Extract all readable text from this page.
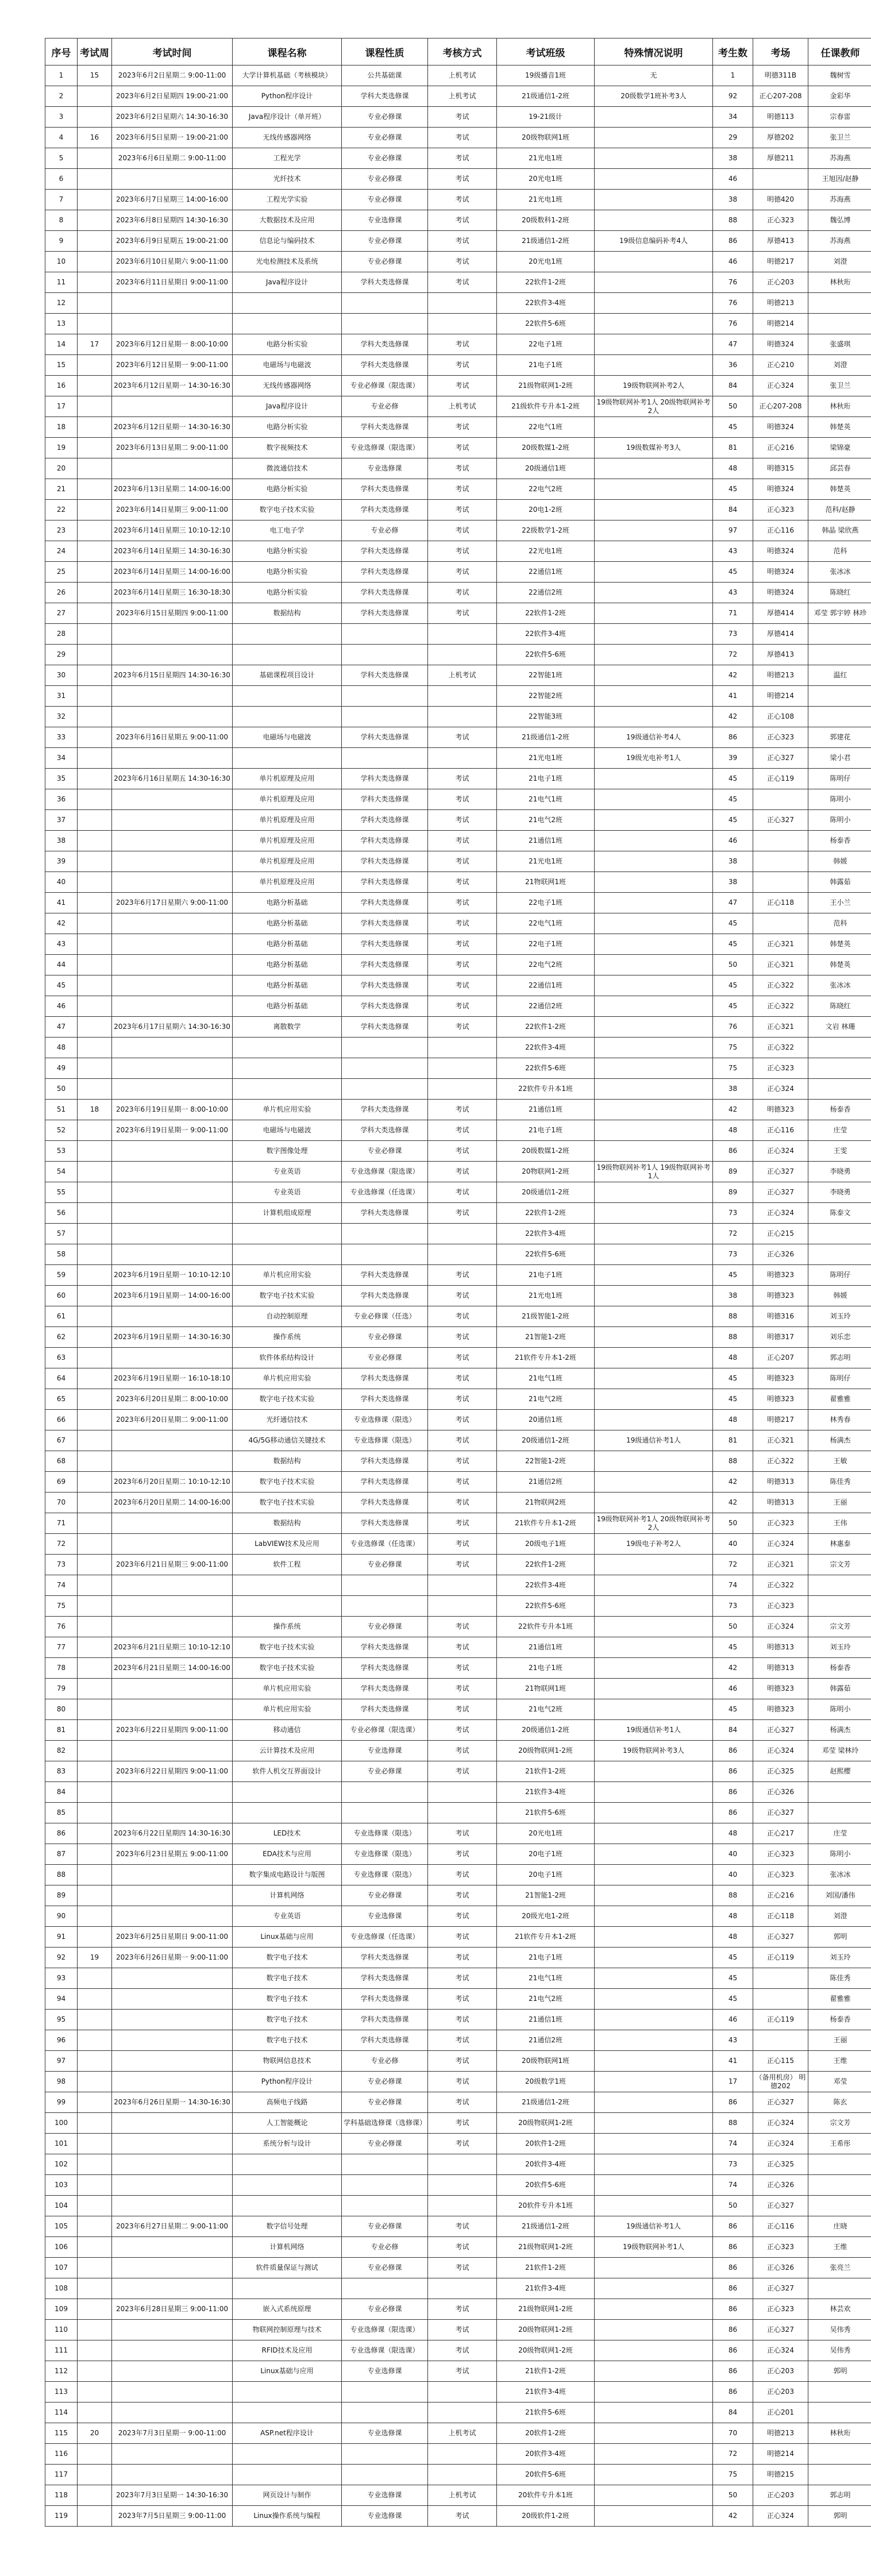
序号	考试周	考试时间	课程名称	课程性质	考核方式	考试班级	特殊情况说明	考生数	考场	任课教师
1	15	2023年6月2日星期二 9:00-11:00	大学计算机基础（考核模块）	公共基础课	上机考试	19级播音1班	无	1	明德311B	魏树雪
2		2023年6月2日星期四 19:00-21:00	Python程序设计	学科大类选修课	上机考试	21级通信1-2班	20级数学1班补考3人	92	正心207-208	金彩华
3		2023年6月2日星期六 14:30-16:30	Java程序设计（单开班）	专业必修课	考试	19-21级计		34	明德113	宗春雷
4	16	2023年6月5日星期一 19:00-21:00	无线传感器网络	专业必修课	考试	20级物联网1班		29	厚德202	张卫兰
5		2023年6月6日星期二 9:00-11:00	工程光学	专业必修课	考试	21光电1班		38	厚德211	苏海燕
6			光纤技术	专业必修课	考试	20光电1班		46		王旭因/赵静
7		2023年6月7日星期三 14:00-16:00	工程光学实验	专业必修课	考试	21光电1班		38	明德420	苏海燕
8		2023年6月8日星期四 14:30-16:30	大数据技术及应用	专业选修课	考试	20级数科1-2班		88	正心323	魏弘博
9		2023年6月9日星期五 19:00-21:00	信息论与编码技术	专业必修课	考试	21级通信1-2班	19级信息编码补考4人	86	厚德413	苏海燕
10		2023年6月10日星期六 9:00-11:00	光电检测技术及系统	专业必修课	考试	20光电1班		46	明德217	刘澄
11		2023年6月11日星期日 9:00-11:00	Java程序设计	学科大类选修课	考试	22软件1-2班		76	正心203	林秋珩
12						22软件3-4班		76	明德213	
13						22软件5-6班		76	明德214	
14	17	2023年6月12日星期一 8:00-10:00	电路分析实验	学科大类选修课	考试	22电子1班		47	明德324	张盛琪
15		2023年6月12日星期一 9:00-11:00	电磁场与电磁波	学科大类选修课	考试	21电子1班		36	正心210	刘澄
16		2023年6月12日星期一 14:30-16:30	无线传感器网络	专业必修课（限选课）	考试	21级物联网1-2班	19级物联网补考2人	84	正心324	张卫兰
17			Java程序设计	专业必修	上机考试	21级软件专升本1-2班	19级物联网补考1人 20级物联网补考2人	50	正心207-208	林秋珩
18		2023年6月12日星期一 14:30-16:30	电路分析实验	学科大类选修课	考试	22电气1班		45	明德324	韩楚英
19		2023年6月13日星期二 9:00-11:00	数字视频技术	专业选修课（限选课）	考试	20级数媒1-2班	19级数媒补考3人	81	正心216	梁锦豪
20			微波通信技术	专业选修课	考试	20级通信1班		48	明德315	邱芸春
21		2023年6月13日星期二 14:00-16:00	电路分析实验	学科大类选修课	考试	22电气2班		45	明德324	韩楚英
22		2023年6月14日星期三 9:00-11:00	数字电子技术实验	学科大类选修课	考试	20电1-2班		84	正心323	范科/赵静
23		2023年6月14日星期三 10:10-12:10	电工电子学	专业必修	考试	22级数学1-2班		97	正心116	韩晶 梁欣燕
24		2023年6月14日星期三 14:30-16:30	电路分析实验	学科大类选修课	考试	22光电1班		43	明德324	范科
25		2023年6月14日星期三 14:00-16:00	电路分析实验	学科大类选修课	考试	22通信1班		45	明德324	张冰冰
26		2023年6月14日星期三 16:30-18:30	电路分析实验	学科大类选修课	考试	22通信2班		43	明德324	陈晓红
27		2023年6月15日星期四 9:00-11:00	数据结构	学科大类选修课	考试	22软件1-2班		71	厚德414	邓莹 郭宇婷 林珍
28						22软件3-4班		73	厚德414	
29						22软件5-6班		72	厚德413	
30		2023年6月15日星期四 14:30-16:30	基础课程项目设计	学科大类选修课	上机考试	22智能1班		42	明德213	温红
31						22智能2班		41	明德214	
32						22智能3班		42	正心108	
33		2023年6月16日星期五 9:00-11:00	电磁场与电磁波	学科大类选修课	考试	21级通信1-2班	19级通信补考4人	86	正心323	郭建花
34						21光电1班	19级光电补考1人	39	正心327	梁小君
35		2023年6月16日星期五 14:30-16:30	单片机原理及应用	学科大类选修课	考试	21电子1班		45	正心119	陈明仔
36			单片机原理及应用	学科大类选修课	考试	21电气1班		45		陈明小
37			单片机原理及应用	学科大类选修课	考试	21电气2班		45	正心327	陈明小
38			单片机原理及应用	学科大类选修课	考试	21通信1班		46		杨泰香
39			单片机原理及应用	学科大类选修课	考试	21光电1班		38		韩媛
40			单片机原理及应用	学科大类选修课	考试	21物联网1班		38		韩露茹
41		2023年6月17日星期六 9:00-11:00	电路分析基础	学科大类选修课	考试	22电子1班		47	正心118	王小兰
42			电路分析基础	学科大类选修课	考试	22电气1班		45		范科
43			电路分析基础	学科大类选修课	考试	22电子1班		45	正心321	韩楚英
44			电路分析基础	学科大类选修课	考试	22电气2班		50	正心321	韩楚英
45			电路分析基础	学科大类选修课	考试	22通信1班		45	正心322	张冰冰
46			电路分析基础	学科大类选修课	考试	22通信2班		45	正心322	陈晓红
47		2023年6月17日星期六 14:30-16:30	离散数学	学科大类选修课	考试	22软件1-2班		76	正心321	文岩 林珊
48						22软件3-4班		75	正心322	
49						22软件5-6班		75	正心323	
50						22软件专升本1班		38	正心324	
51	18	2023年6月19日星期一 8:00-10:00	单片机应用实验	学科大类选修课	考试	21通信1班		42	明德323	杨泰香
52		2023年6月19日星期一 9:00-11:00	电磁场与电磁波	学科大类选修课	考试	21电子1班		48	正心116	庄莹
53			数字图像处理	专业必修课	考试	20级数媒1-2班		86	正心324	王雯
54			专业英语	专业选修课（限选课）	考试	20物联网1-2班	19级物联网补考1人 19级物联网补考1人	89	正心327	李晓勇
55			专业英语	专业选修课（任选课）	考试	20级通信1-2班		89	正心327	李晓勇
56			计算机组成原理	学科大类选修课	考试	22软件1-2班		73	正心324	陈泰文
57						22软件3-4班		72	正心215	
58						22软件5-6班		73	正心326	
59		2023年6月19日星期一 10:10-12:10	单片机应用实验	学科大类选修课	考试	21电子1班		45	明德323	陈明仔
60		2023年6月19日星期一 14:00-16:00	数字电子技术实验	学科大类选修课	考试	21光电1班		38	明德323	韩媛
61			自动控制原理	专业必修课（任选）	考试	21级智能1-2班		88	明德316	刘玉玲
62		2023年6月19日星期一 14:30-16:30	操作系统	专业必修课	考试	21智能1-2班		88	明德317	刘乐恋
63			软件体系结构设计	专业必修课	考试	21软件专升本1-2班		48	正心207	郭志明
64		2023年6月19日星期一 16:10-18:10	单片机应用实验	学科大类选修课	考试	21电气1班		45	明德323	陈明仔
65		2023年6月20日星期二 8:00-10:00	数字电子技术实验	学科大类选修课	考试	21电气2班		45	明德323	翟雅雅
66		2023年6月20日星期二 9:00-11:00	光纤通信技术	专业选修课（限选）	考试	20通信1班		48	明德217	林秀春
67			4G/5G移动通信关键技术	专业选修课（限选）	考试	20级通信1-2班	19级通信补考1人	81	正心321	杨满杰
68			数据结构	学科大类选修课	考试	22智能1-2班		88	正心322	王敏
69		2023年6月20日星期二 10:10-12:10	数字电子技术实验	学科大类选修课	考试	21通信2班		42	明德313	陈佳秀
70		2023年6月20日星期二 14:00-16:00	数字电子技术实验	学科大类选修课	考试	21物联网2班		42	明德313	王丽
71			数据结构	学科大类选修课	考试	21软件专升本1-2班	19级物联网补考1人 20级物联网补考2人	50	正心323	王伟
72			LabVIEW技术及应用	专业选修课（任选课）	考试	20级电子1班	19级电子补考2人	40	正心324	林惠泰
73		2023年6月21日星期三 9:00-11:00	软件工程	专业必修课	考试	22软件1-2班		72	正心321	宗文芳
74						22软件3-4班		74	正心322	
75						22软件5-6班		73	正心323	
76			操作系统	专业必修课	考试	22软件专升本1班		50	正心324	宗文芳
77		2023年6月21日星期三 10:10-12:10	数字电子技术实验	学科大类选修课	考试	21通信1班		45	明德313	刘玉玲
78		2023年6月21日星期三 14:00-16:00	数字电子技术实验	学科大类选修课	考试	21电子1班		42	明德313	杨泰香
79			单片机应用实验	学科大类选修课	考试	21物联网1班		46	明德323	韩露茹
80			单片机应用实验	学科大类选修课	考试	21电气2班		45	明德323	陈明小
81		2023年6月22日星期四 9:00-11:00	移动通信	专业必修课（限选课）	考试	20级通信1-2班	19级通信补考1人	84	正心327	杨满杰
82			云计算技术及应用	专业选修课	考试	20级物联网1-2班	19级物联网补考3人	86	正心324	邓莹 梁林玲
83		2023年6月22日星期四 9:00-11:00	软件人机交互界面设计	专业必修课	考试	21软件1-2班		86	正心325	赵熙樱
84						21软件3-4班		86	正心326	
85						21软件5-6班		86	正心327	
86		2023年6月22日星期四 14:30-16:30	LED技术	专业选修课（限选）	考试	20光电1班		48	正心217	庄莹
87		2023年6月23日星期五 9:00-11:00	EDA技术与应用	专业选修课（限选）	考试	20电子1班		40	正心323	陈明小
88			数字集成电路设计与版图	专业选修课（限选）	考试	20电子1班		40	正心323	张冰冰
89			计算机网络	专业必修课	考试	21智能1-2班		88	正心216	刘国/潘伟
90			专业英语	专业选修课	考试	20级光电1-2班		48	正心118	刘澄
91		2023年6月25日星期日 9:00-11:00	Linux基础与应用	专业选修课（任选课）	考试	21软件专升本1-2班		48	正心327	郭明
92	19	2023年6月26日星期一 9:00-11:00	数字电子技术	学科大类选修课	考试	21电子1班		45	正心119	刘玉玲
93			数字电子技术	学科大类选修课	考试	21电气1班		45		陈佳秀
94			数字电子技术	学科大类选修课	考试	21电气2班		45		翟雅雅
95			数字电子技术	学科大类选修课	考试	21通信1班		46	正心119	杨泰香
96			数字电子技术	学科大类选修课	考试	21通信2班		43		王丽
97			物联网信息技术	专业必修	考试	20级物联网1班		41	正心115	王维
98			Python程序设计	专业必修课	考试	20级数学1班		17	（备用机房） 明德202	邓莹
99		2023年6月26日星期一 14:30-16:30	高频电子线路	专业必修课	考试	21级通信1-2班		86	正心327	陈玄
100			人工智能概论	学科基础选修课（选修课）	考试	20级物联网1-2班		88	正心324	宗文芳
101			系统分析与设计	专业必修课	考试	20软件1-2班		74	正心324	王希彤
102						20软件3-4班		73	正心325	
103						20软件5-6班		74	正心326	
104						20软件专升本1班		50	正心327	
105		2023年6月27日星期二 9:00-11:00	数字信号处理	专业必修课	考试	21级通信1-2班	19级通信补考1人	86	正心116	庄晓
106			计算机网络	专业必修	考试	21级物联网1-2班	19级物联网补考1人	86	正心323	王维
107			软件质量保证与测试	专业必修课	考试	21软件1-2班		86	正心326	张亮兰
108						21软件3-4班		86	正心327	
109		2023年6月28日星期三 9:00-11:00	嵌入式系统原理	专业必修课	考试	21级物联网1-2班		86	正心323	林芸欢
110			物联网控制原理与技术	专业选修课（限选课）	考试	20级物联网1-2班		86	正心327	吴伟秀
111			RFID技术及应用	专业选修课（限选课）	考试	20级物联网1-2班		86	正心324	吴伟秀
112			Linux基础与应用	专业选修课	考试	21软件1-2班		86	正心203	郭明
113						21软件3-4班		86	正心203	
114						21软件5-6班		84	正心201	
115	20	2023年7月3日星期一 9:00-11:00	ASP.net程序设计	专业选修课	上机考试	20软件1-2班		70	明德213	林秋珩
116						20软件3-4班		72	明德214	
117						20软件5-6班		75	明德215	
118		2023年7月3日星期一 14:30-16:30	网页设计与制作	专业选修课	上机考试	20软件专升本1班		50	正心203	郭志明
119		2023年7月5日星期三 9:00-11:00	Linux操作系统与编程	专业选修课	考试	20级软件1-2班		42	正心324	郭明
